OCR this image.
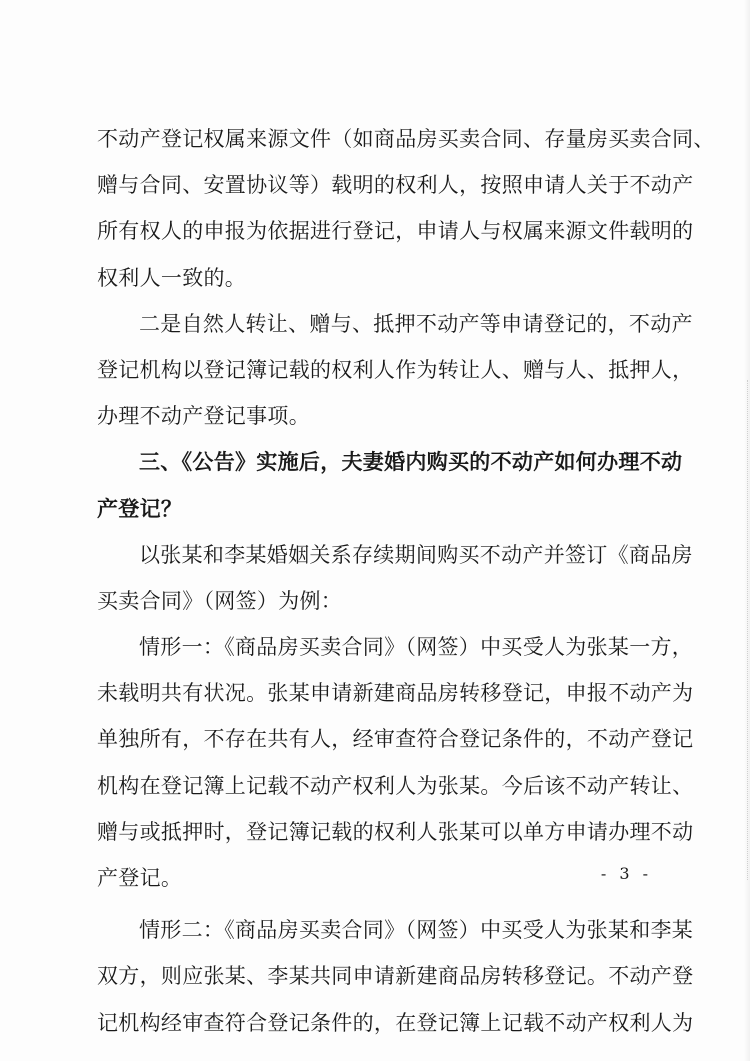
不动产登记权属来源文件（如商品房买卖合同、存量房买卖合同、
赠与合同、安置协议等）载明的权利人，按照申请人关于不动产
所有权人的申报为依据进行登记，申请人与权属来源文件载明的
权利人一致的。
二是自然人转让、赠与、抵押不动产等申请登记的，不动产
登记机构以登记簿记载的权利人作为转让人、赠与人、抵押人，
办理不动产登记事项。
三、《公告》实施后，夫妻婚内购买的不动产如何办理不动
产登记？
以张某和李某婚姻关系存续期间购买不动产并签订《商品房
买卖合同》（网签）为例：
情形一：《商品房买卖合同》（网签）中买受人为张某一方，
未载明共有状况。张某申请新建商品房转移登记，申报不动产为
单独所有，不存在共有人，经审查符合登记条件的，不动产登记
机构在登记簿上记载不动产权利人为张某。今后该不动产转让、
赠与或抵押时，登记簿记载的权利人张某可以单方申请办理不动
产登记。
情形二：《商品房买卖合同》（网签）中买受人为张某和李某
双方，则应张某、李某共同申请新建商品房转移登记。不动产登
记机构经审查符合登记条件的，在登记簿上记载不动产权利人为
- 3 -
